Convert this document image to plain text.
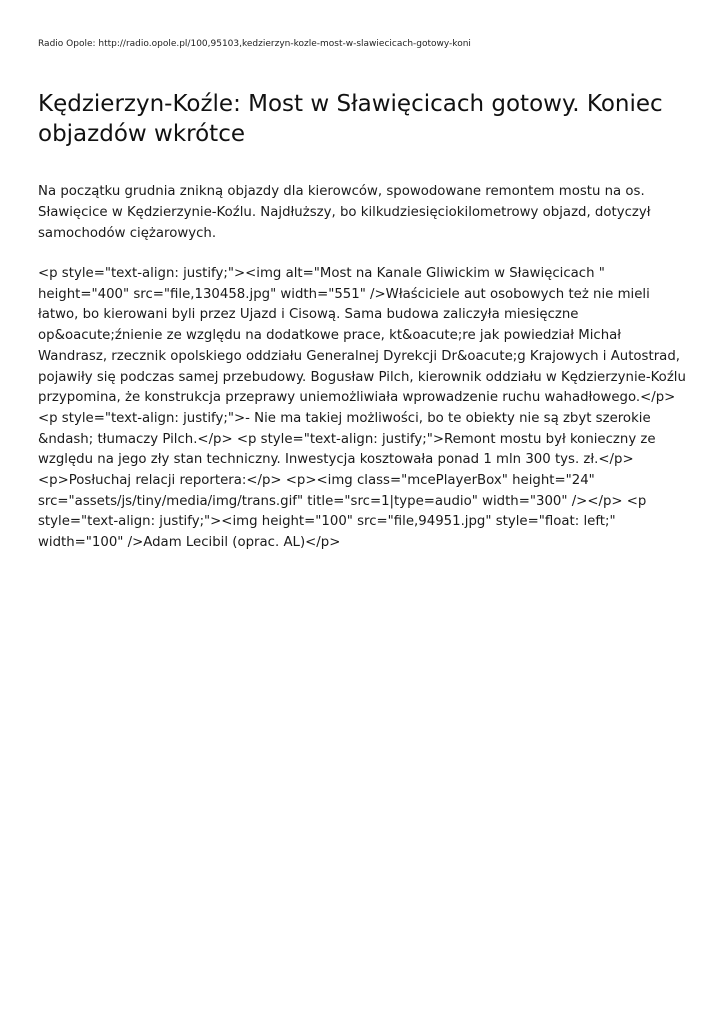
Radio Opole: http://radio.opole.pl/100,95103,kedzierzyn-kozle-most-w-slawiecicach-gotowy-koni
Kędzierzyn-Koźle: Most w Sławięcicach gotowy. Koniec objazdów wkrótce

Na początku grudnia znikną objazdy dla kierowców, spowodowane remontem mostu na os. Sławięcice w Kędzierzynie-Koźlu. Najdłuższy, bo kilkudziesięciokilometrowy objazd, dotyczył samochodów ciężarowych.

<p style="text-align: justify;"><img alt="Most na Kanale Gliwickim w Sławięcicach " height="400" src="file,130458.jpg" width="551" />Właściciele aut osobowych też nie mieli łatwo, bo kierowani byli przez Ujazd i Cisową. Sama budowa zaliczyła miesięczne op&oacute;źnienie ze względu na dodatkowe prace, kt&oacute;re jak powiedział Michał Wandrasz, rzecznik opolskiego oddziału Generalnej Dyrekcji Dr&oacute;g Krajowych i Autostrad, pojawiły się podczas samej przebudowy. Bogusław Pilch, kierownik oddziału w Kędzierzynie-Koźlu przypomina, że konstrukcja przeprawy uniemożliwiała wprowadzenie ruchu wahadłowego.</p> <p style="text-align: justify;">- Nie ma takiej możliwości, bo te obiekty nie są zbyt szerokie &ndash; tłumaczy Pilch.</p> <p style="text-align: justify;">Remont mostu był konieczny ze względu na jego zły stan techniczny. Inwestycja kosztowała ponad 1 mln 300 tys. zł.</p> <p>Posłuchaj relacji reportera:</p> <p><img class="mcePlayerBox" height="24" src="assets/js/tiny/media/img/trans.gif" title="src=1|type=audio" width="300" /></p> <p style="text-align: justify;"><img height="100" src="file,94951.jpg" style="float: left;" width="100" />Adam Lecibil (oprac. AL)</p>
